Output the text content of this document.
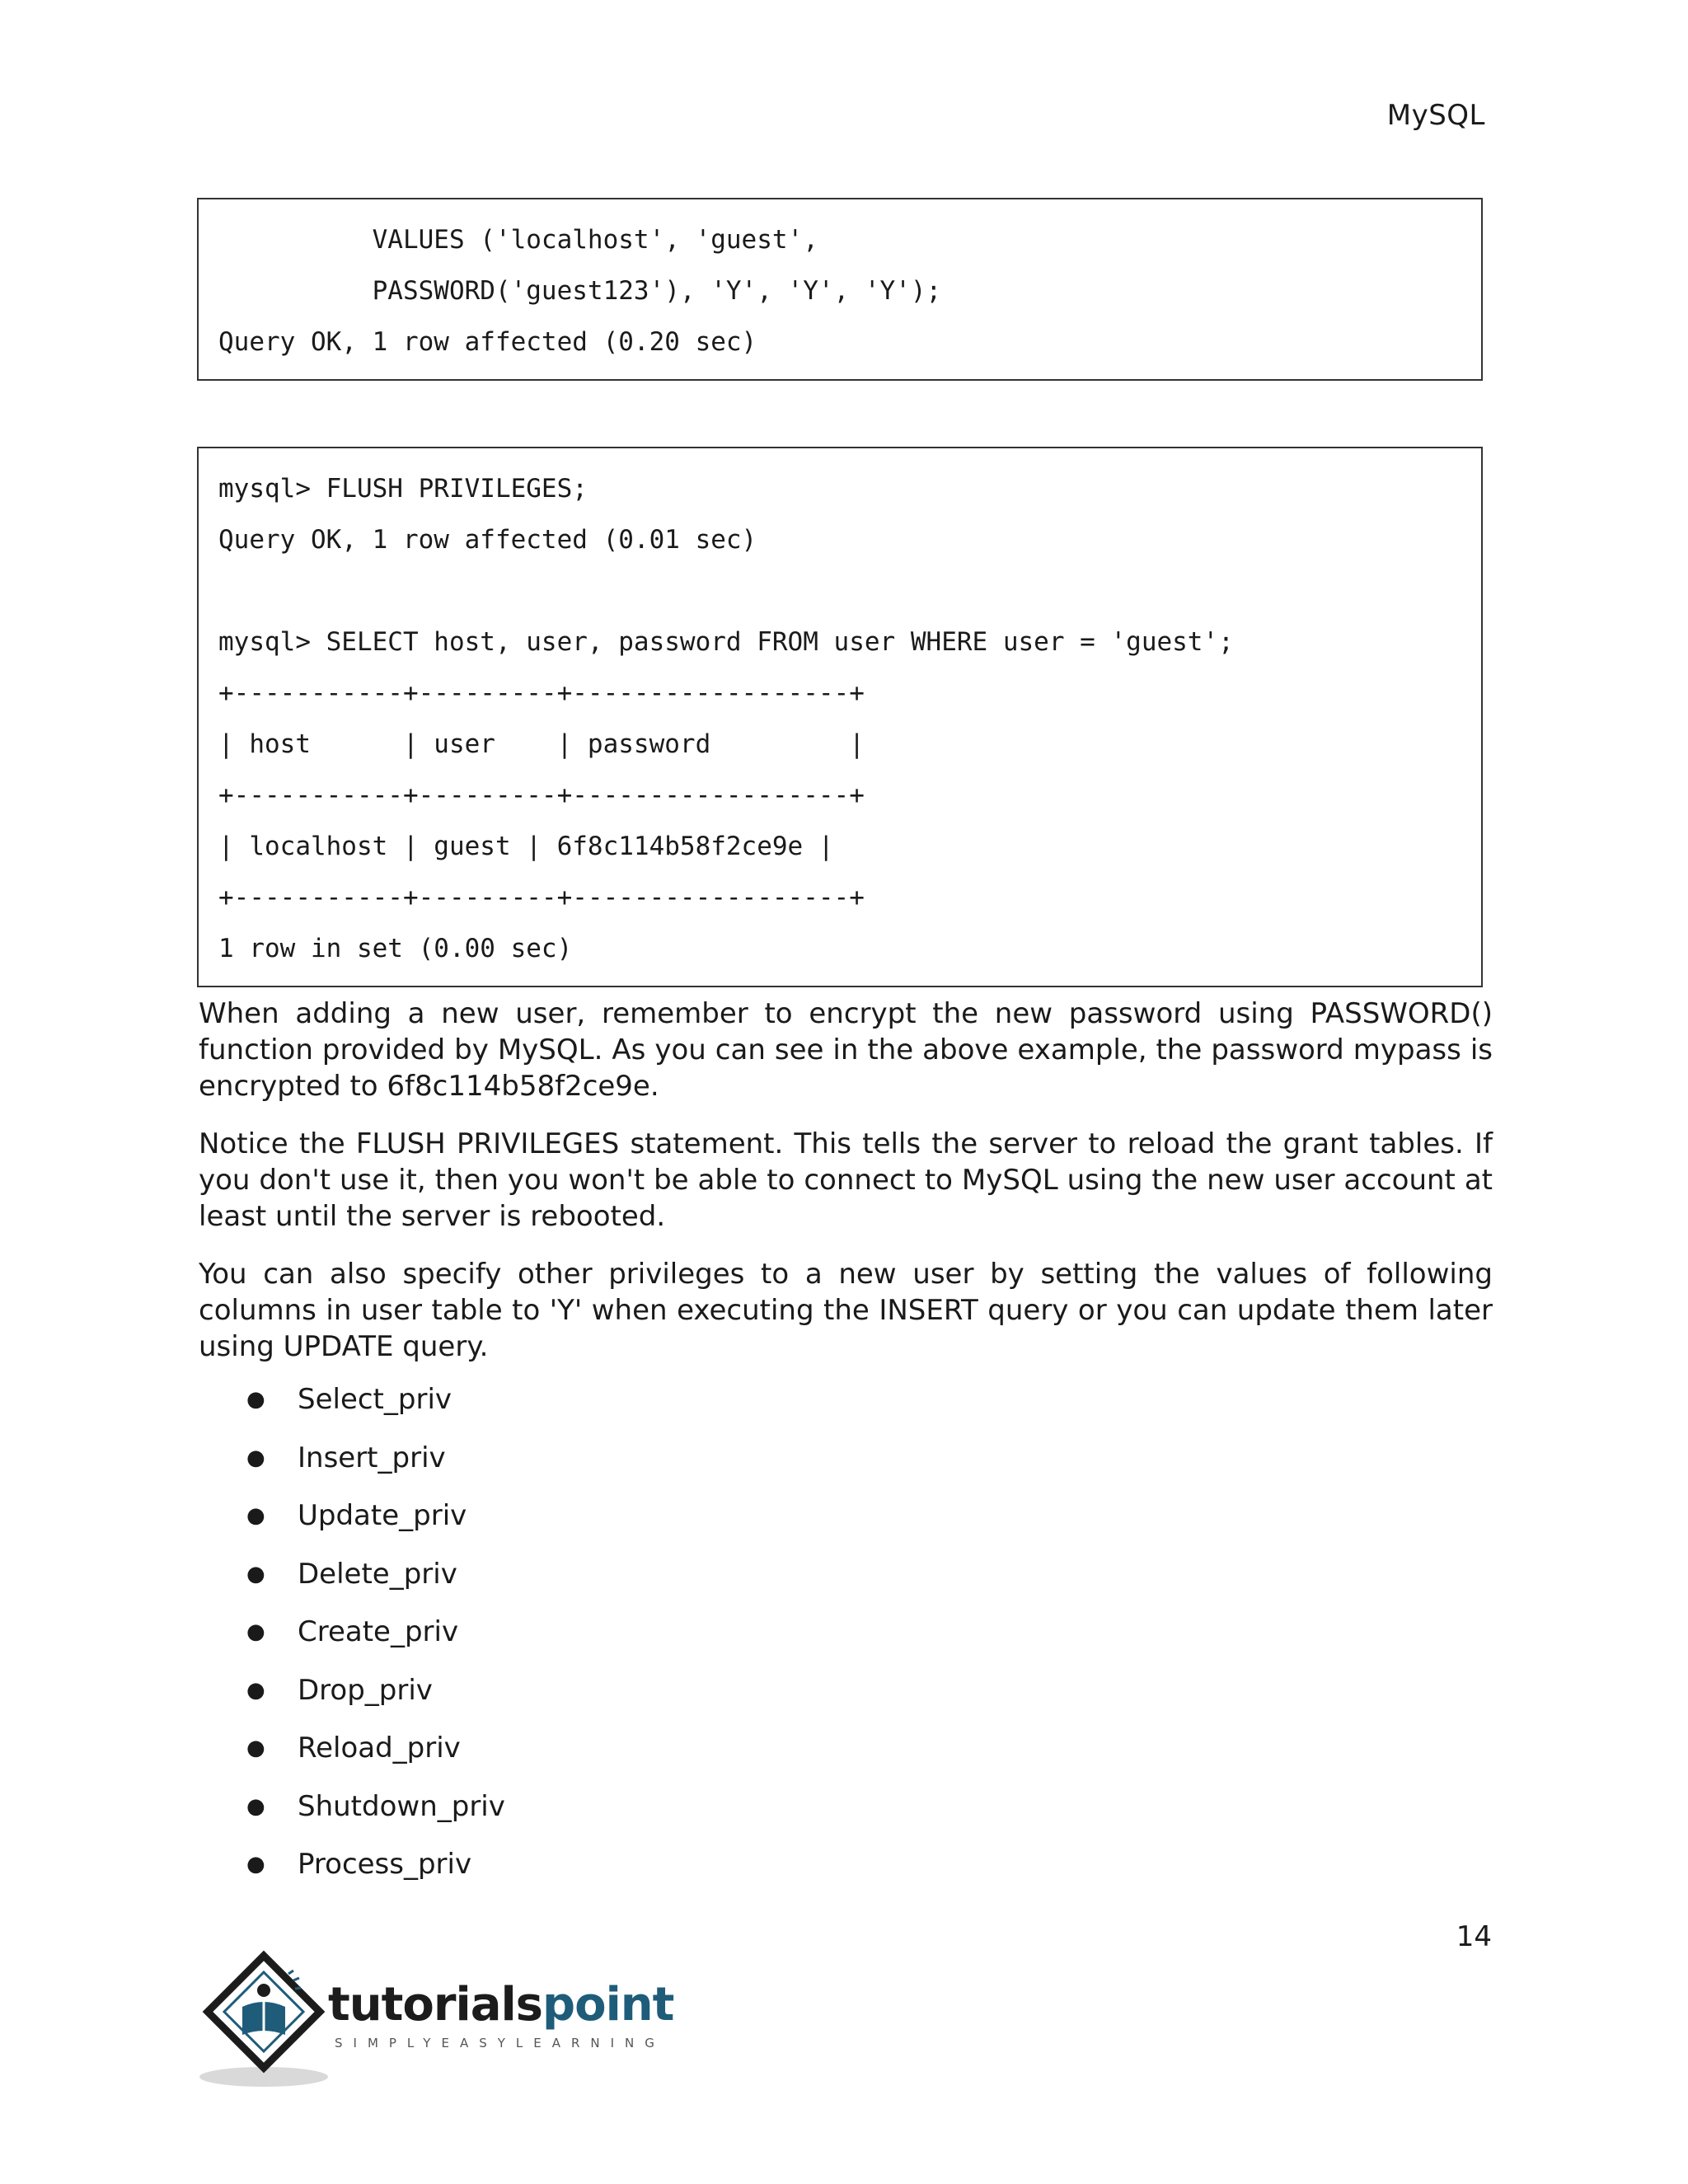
MySQL
VALUES ('localhost', 'guest',
PASSWORD('guest123'), 'Y', 'Y', 'Y');
Query OK, 1 row affected (0.20 sec)
mysql> FLUSH PRIVILEGES;
Query OK, 1 row affected (0.01 sec)
mysql> SELECT host, user, password FROM user WHERE user = 'guest';
+-----------+---------+------------------+
| host      | user    | password         |
+-----------+---------+------------------+
| localhost | guest | 6f8c114b58f2ce9e |
+-----------+---------+------------------+
1 row in set (0.00 sec)

When adding a new user, remember to encrypt the new password using PASSWORD() function provided by MySQL. As you can see in the above example, the password mypass is encrypted to 6f8c114b58f2ce9e.

Notice the FLUSH PRIVILEGES statement. This tells the server to reload the grant tables. If you don't use it, then you won't be able to connect to MySQL using the new user account at least until the server is rebooted.

You can also specify other privileges to a new user by setting the values of following columns in user table to 'Y' when executing the INSERT query or you can update them later using UPDATE query.

● Select_priv
● Insert_priv
● Update_priv
● Delete_priv
● Create_priv
● Drop_priv
● Reload_priv
● Shutdown_priv
● Process_priv
14
tutorialspoint
SIMPLYEASYLEARNING
